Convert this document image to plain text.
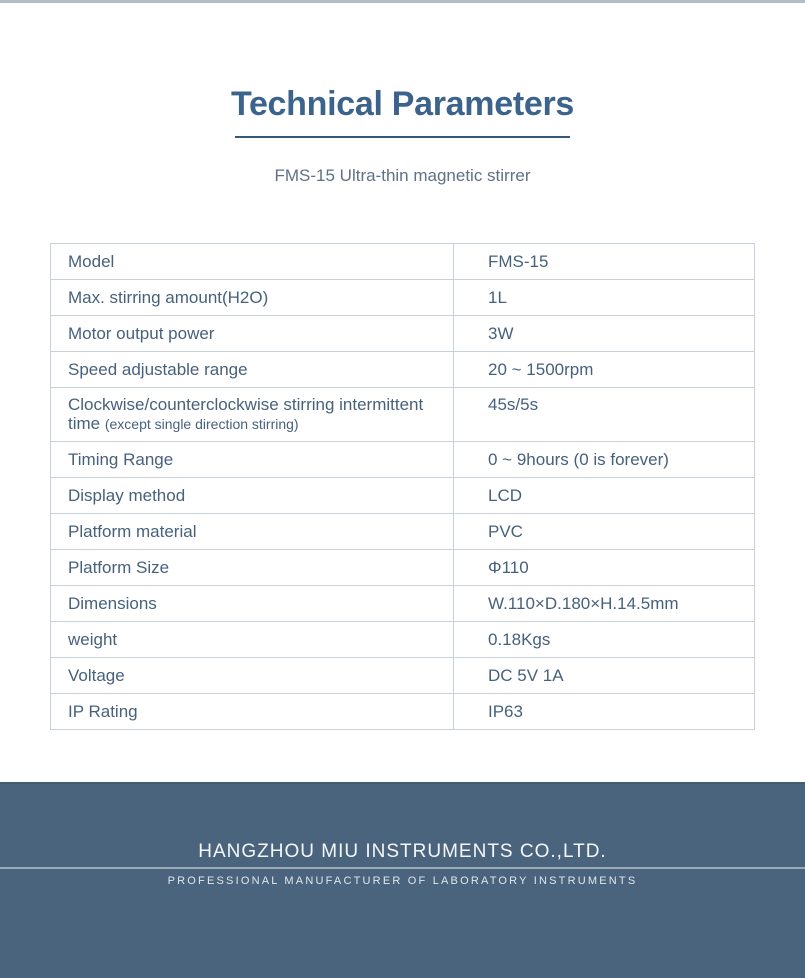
Technical Parameters
FMS-15 Ultra-thin magnetic stirrer
Model	FMS-15
Max. stirring amount(H2O)	1L
Motor output power	3W
Speed adjustable range	20 ~ 1500rpm
Clockwise/counterclockwise stirring intermittent time (except single direction stirring)	45s/5s
Timing Range	0 ~ 9hours (0 is forever)
Display method	LCD
Platform material	PVC
Platform Size	Φ110
Dimensions	W.110×D.180×H.14.5mm
weight	0.18Kgs
Voltage	DC 5V 1A
IP Rating	IP63
HANGZHOU MIU INSTRUMENTS CO.,LTD.
PROFESSIONAL MANUFACTURER OF LABORATORY INSTRUMENTS
